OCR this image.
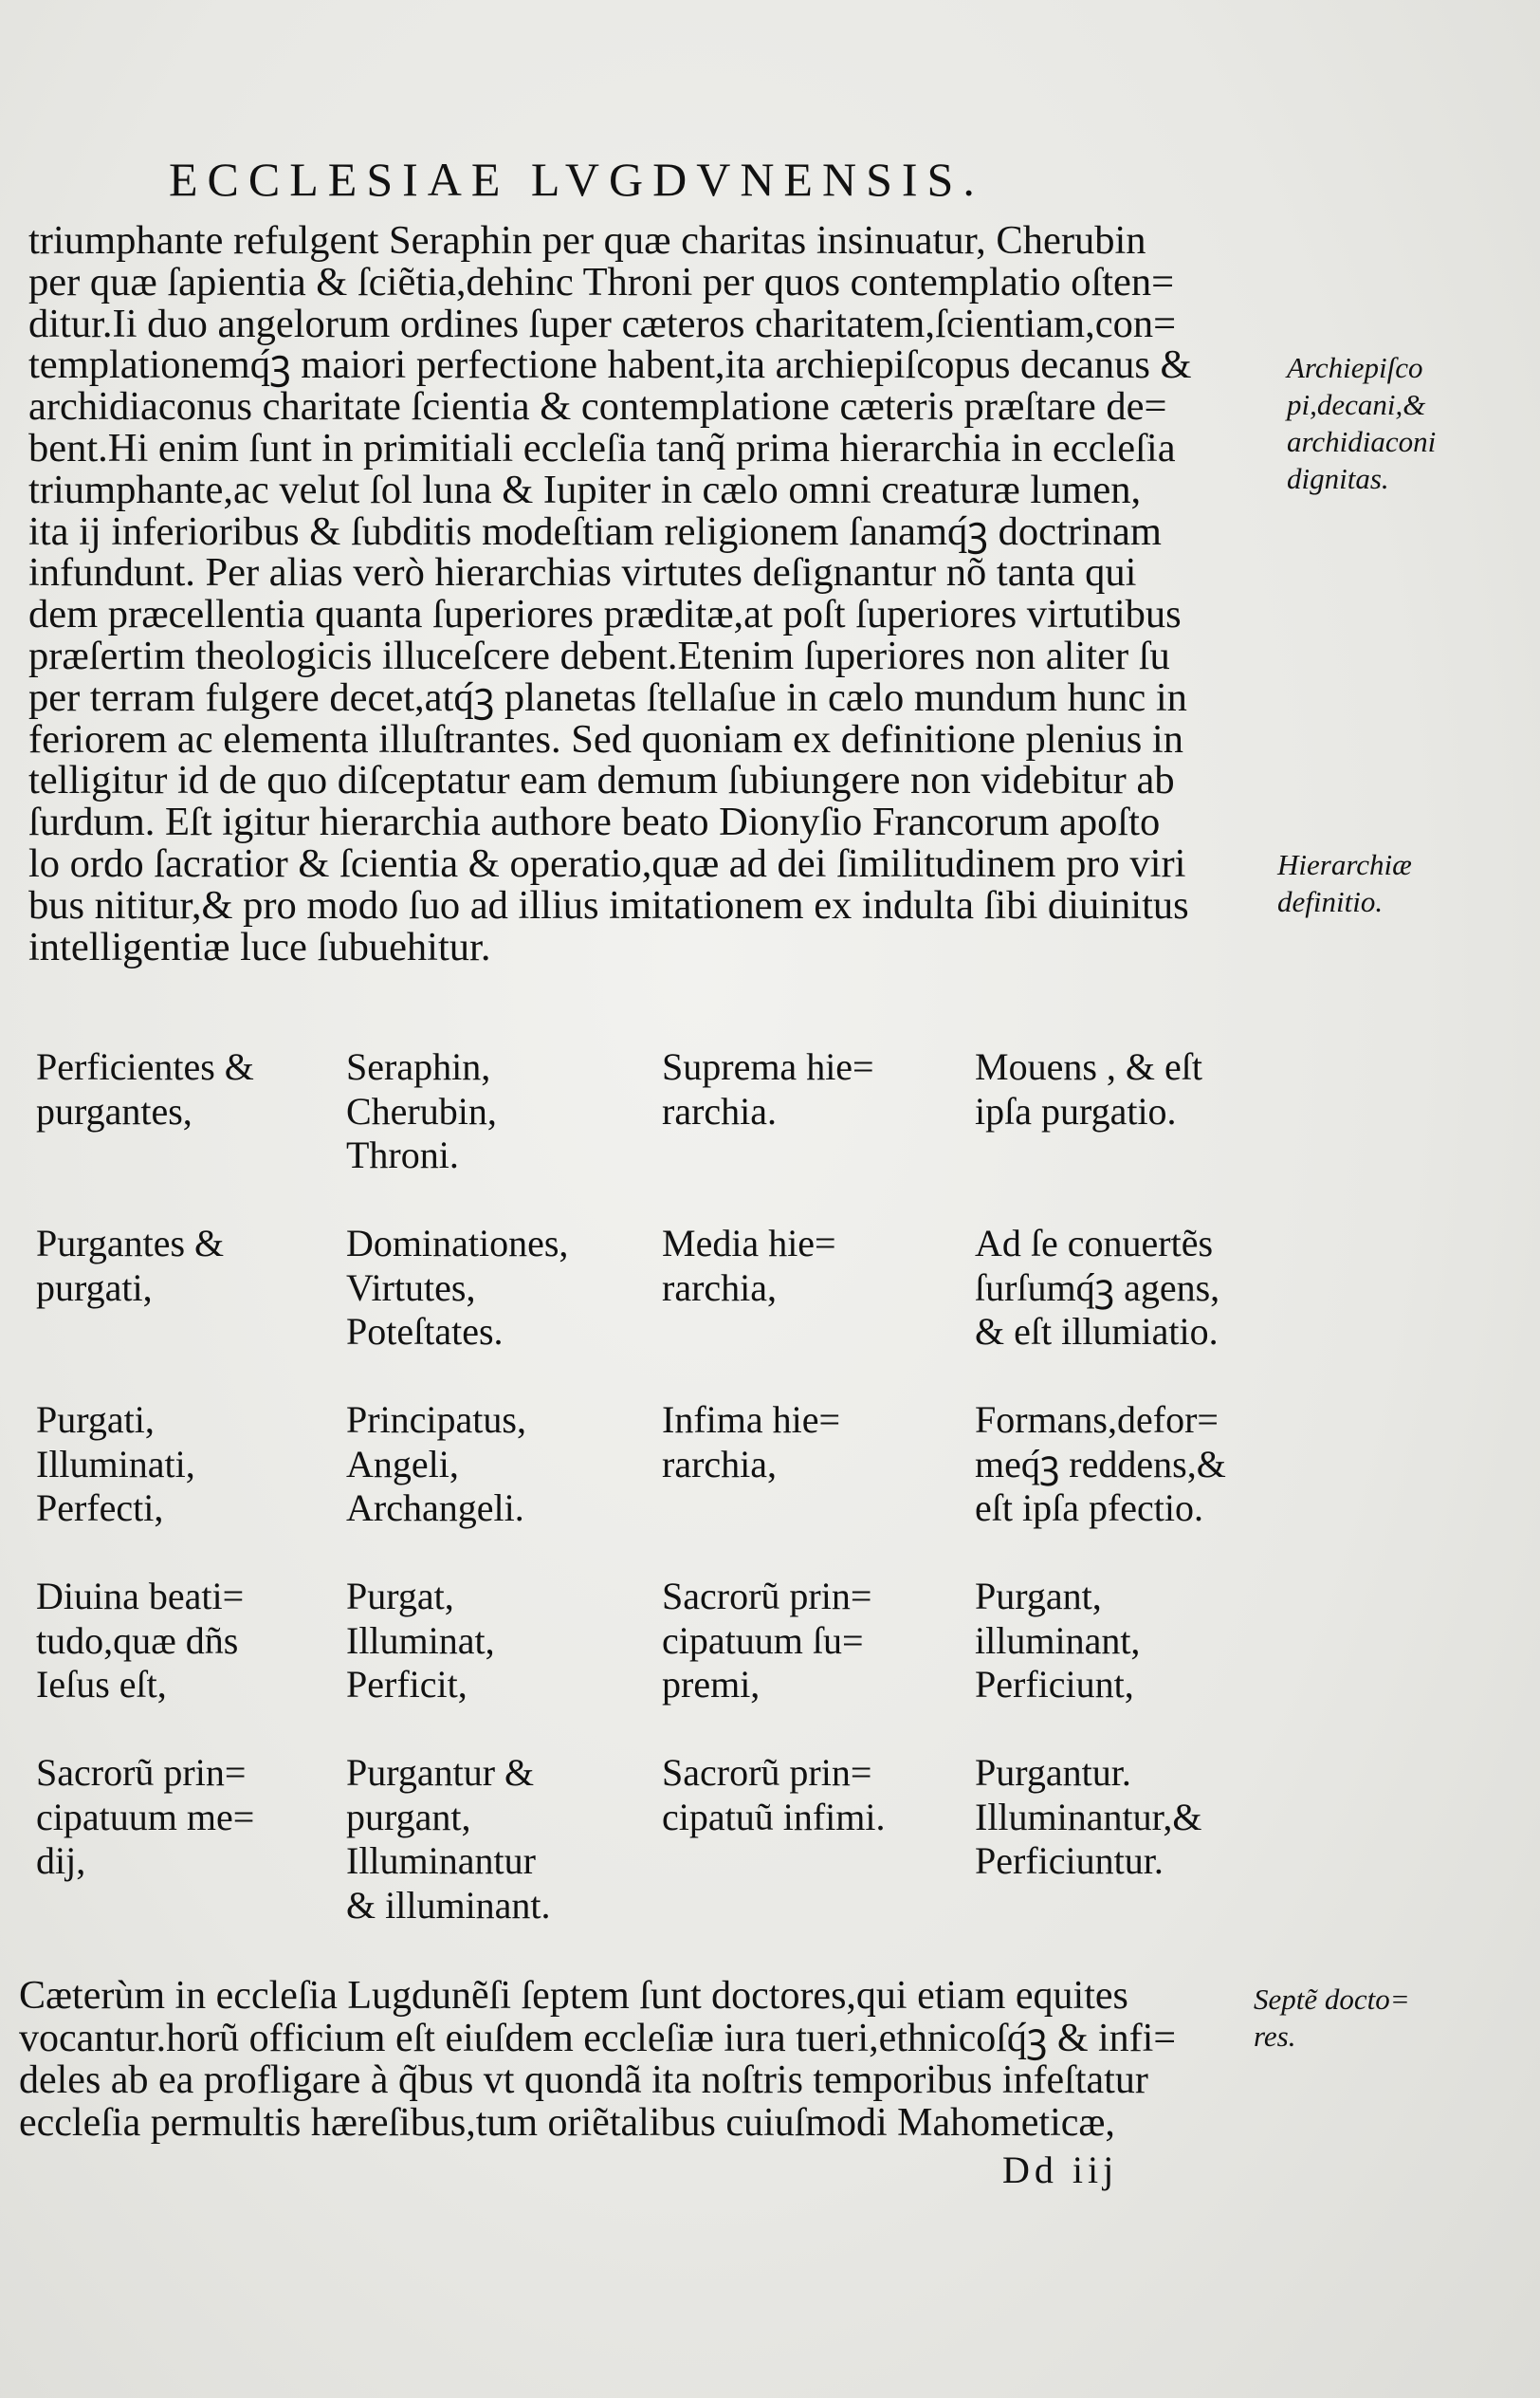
ECCLESIAE LVGDVNENSIS.
triumphante refulgent Seraphin per quæ charitas insinuatur, Cherubin
per quæ ſapientia & ſciẽtia,dehinc Throni per quos contemplatio oſten=
ditur.Ii duo angelorum ordines ſuper cæteros charitatem,ſcientiam,con=
templationemq́ꝫ maiori perfectione habent,ita archiepiſcopus decanus &
archidiaconus charitate ſcientia & contemplatione cæteris præſtare de=
bent.Hi enim ſunt in primitiali eccleſia tanq̃ prima hierarchia in eccleſia
triumphante,ac velut ſol luna & Iupiter in cælo omni creaturæ lumen,
ita ij inferioribus & ſubditis modeſtiam religionem ſanamq́ꝫ doctrinam
infundunt. Per alias verò hierarchias virtutes deſignantur nõ tanta qui
dem præcellentia quanta ſuperiores præditæ,at poſt ſuperiores virtutibus
præſertim theologicis illuceſcere debent.Etenim ſuperiores non aliter ſu
per terram fulgere decet,atq́ꝫ planetas ſtellaſue in cælo mundum hunc in
feriorem ac elementa illuſtrantes. Sed quoniam ex definitione plenius in
telligitur id de quo diſceptatur eam demum ſubiungere non videbitur ab
ſurdum. Eſt igitur hierarchia authore beato Dionyſio Francorum apoſto
lo ordo ſacratior & ſcientia & operatio,quæ ad dei ſimilitudinem pro viri
bus nititur,& pro modo ſuo ad illius imitationem ex indulta ſibi diuinitus
intelligentiæ luce ſubuehitur.
Archiepiſco
pi,decani,&
archidiaconi
dignitas.
Hierarchiæ
definitio.
Perficientes &
purgantes,
Seraphin,
Cherubin,
Throni.
Suprema hie=
rarchia.
Mouens , & eſt
ipſa purgatio.
Purgantes &
purgati,
Dominationes,
Virtutes,
Poteſtates.
Media hie=
rarchia,
Ad ſe conuertẽs
ſurſumq́ꝫ agens,
& eſt illumiatio.
Purgati,
Illuminati,
Perfecti,
Principatus,
Angeli,
Archangeli.
Infima hie=
rarchia,
Formans,defor=
meq́ꝫ reddens,&
eſt ipſa pfectio.
Diuina beati=
tudo,quæ dñs
Ieſus eſt,
Purgat,
Illuminat,
Perficit,
Sacrorũ prin=
cipatuum ſu=
premi,
Purgant,
illuminant,
Perficiunt,
Sacrorũ prin=
cipatuum me=
dij,
Purgantur &
purgant,
Illuminantur
& illuminant.
Sacrorũ prin=
cipatuũ infimi.
Purgantur.
Illuminantur,&
Perficiuntur.
Cæterùm in eccleſia Lugdunẽſi ſeptem ſunt doctores,qui etiam equites
vocantur.horũ officium eſt eiuſdem eccleſiæ iura tueri,ethnicoſq́ꝫ & infi=
deles ab ea profligare à q̃bus vt quondã ita noſtris temporibus infeſtatur
eccleſia permultis hæreſibus,tum oriẽtalibus cuiuſmodi Mahometicæ,
Septẽ docto=
res.
Dd iij
